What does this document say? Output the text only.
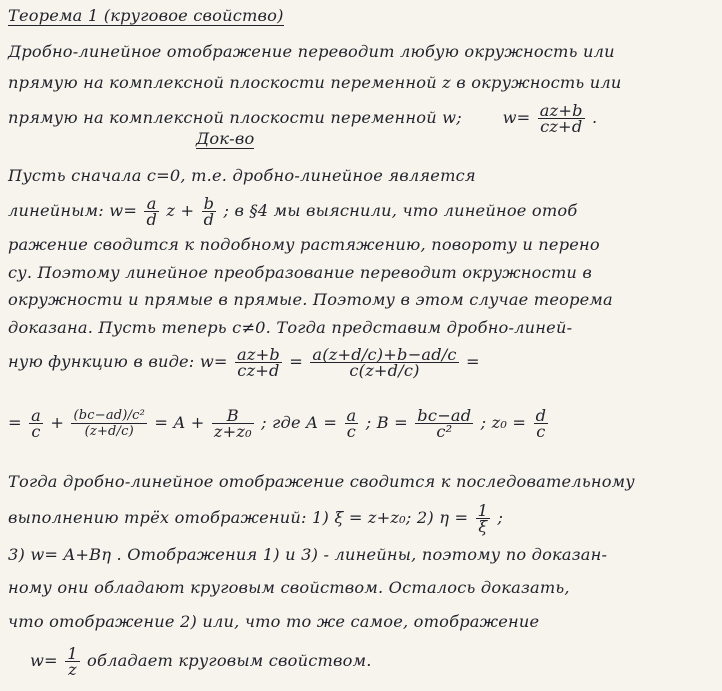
Теорема 1 (круговое свойство)
Дробно-линейное отображение переводит любую окружность или
прямую на комплексной плоскости переменной z в окружность или
прямую на комплексной плоскости переменной w;	$w= \frac{az+b}{cz+d}$ .
Док-во
Пусть сначала c=0, т.е. дробно-линейное является
линейным: $w= \frac{a}{d}$ $z + \frac{b}{d}$ ; в §4 мы выяснили, что линейное отоб
ражение сводится к подобному растяжению, повороту и перено
су. Поэтому линейное преобразование переводит окружности в
окружности и прямые в прямые. Поэтому в этом случае теорема
доказана. Пусть теперь c≠0. Тогда представим дробно-линей-
ную функцию в виде: $w= \frac{az+b}{cz+d} = \frac{a(z+d/c)+b-ad/c}{c(z+d/c)}$ =
= $\frac{a}{c} + \frac{\text{(bc−ad)/c²}}{(z+d/c)} = A + \frac{B}{\text{z+z₀}}$ ; где $A = \frac{a}{c}$ ; $B = \frac{bc-ad}{\text{c²}}$ ; $z_0 = \frac{d}{c}$
Тогда дробно-линейное отображение сводится к последовательному
выполнению трёх отображений: 1) ξ = z+z₀; 2) $\eta = \frac{1}{\xi}$ ;
3) w= A+Bη . Отображения 1) и 3) - линейны, поэтому по доказан-
ному они обладают круговым свойством. Осталось доказать,
что отображение 2) или, что то же самое, отображение
$w= \frac{1}{z}$ обладает круговым свойством.
